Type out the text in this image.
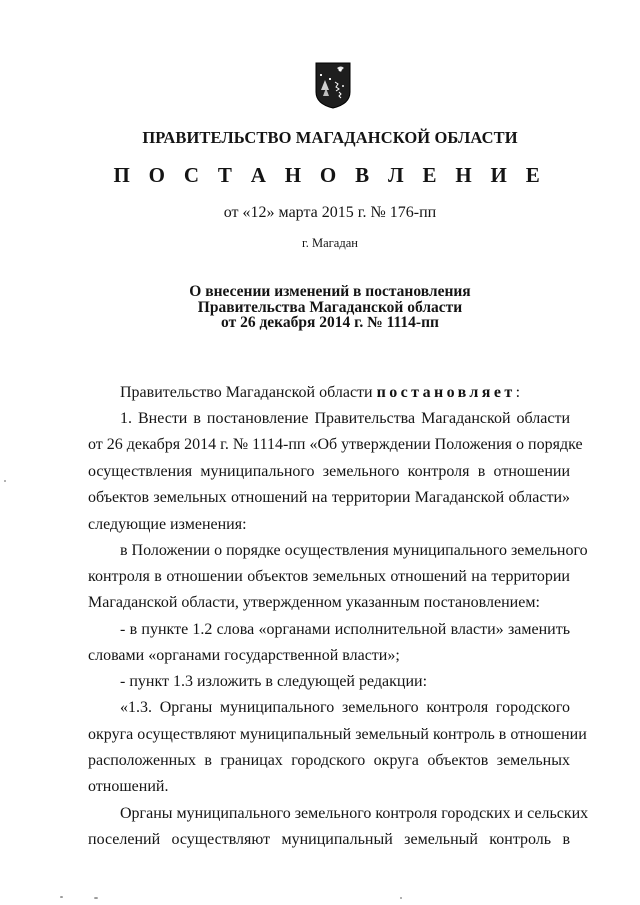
ПРАВИТЕЛЬСТВО МАГАДАНСКОЙ ОБЛАСТИ
П О С Т А Н О В Л Е Н И Е
от «12» марта 2015 г. № 176-пп
г. Магадан
О внесении изменений в постановления
Правительства Магаданской области
от 26 декабря 2014 г. № 1114-пп
Правительство Магаданской области постановляет:
1. Внести в постановление Правительства Магаданской области
от 26 декабря 2014 г. № 1114-пп «Об утверждении Положения о порядке
осуществления муниципального земельного контроля в отношении
объектов земельных отношений на территории Магаданской области»
следующие изменения:
в Положении о порядке осуществления муниципального земельного
контроля в отношении объектов земельных отношений на территории
Магаданской области, утвержденном указанным постановлением:
- в пункте 1.2 слова «органами исполнительной власти» заменить
словами «органами государственной власти»;
- пункт 1.3 изложить в следующей редакции:
«1.3. Органы муниципального земельного контроля городского
округа осуществляют муниципальный земельный контроль в отношении
расположенных в границах городского округа объектов земельных
отношений.
Органы муниципального земельного контроля городских и сельских
поселений осуществляют муниципальный земельный контроль в
